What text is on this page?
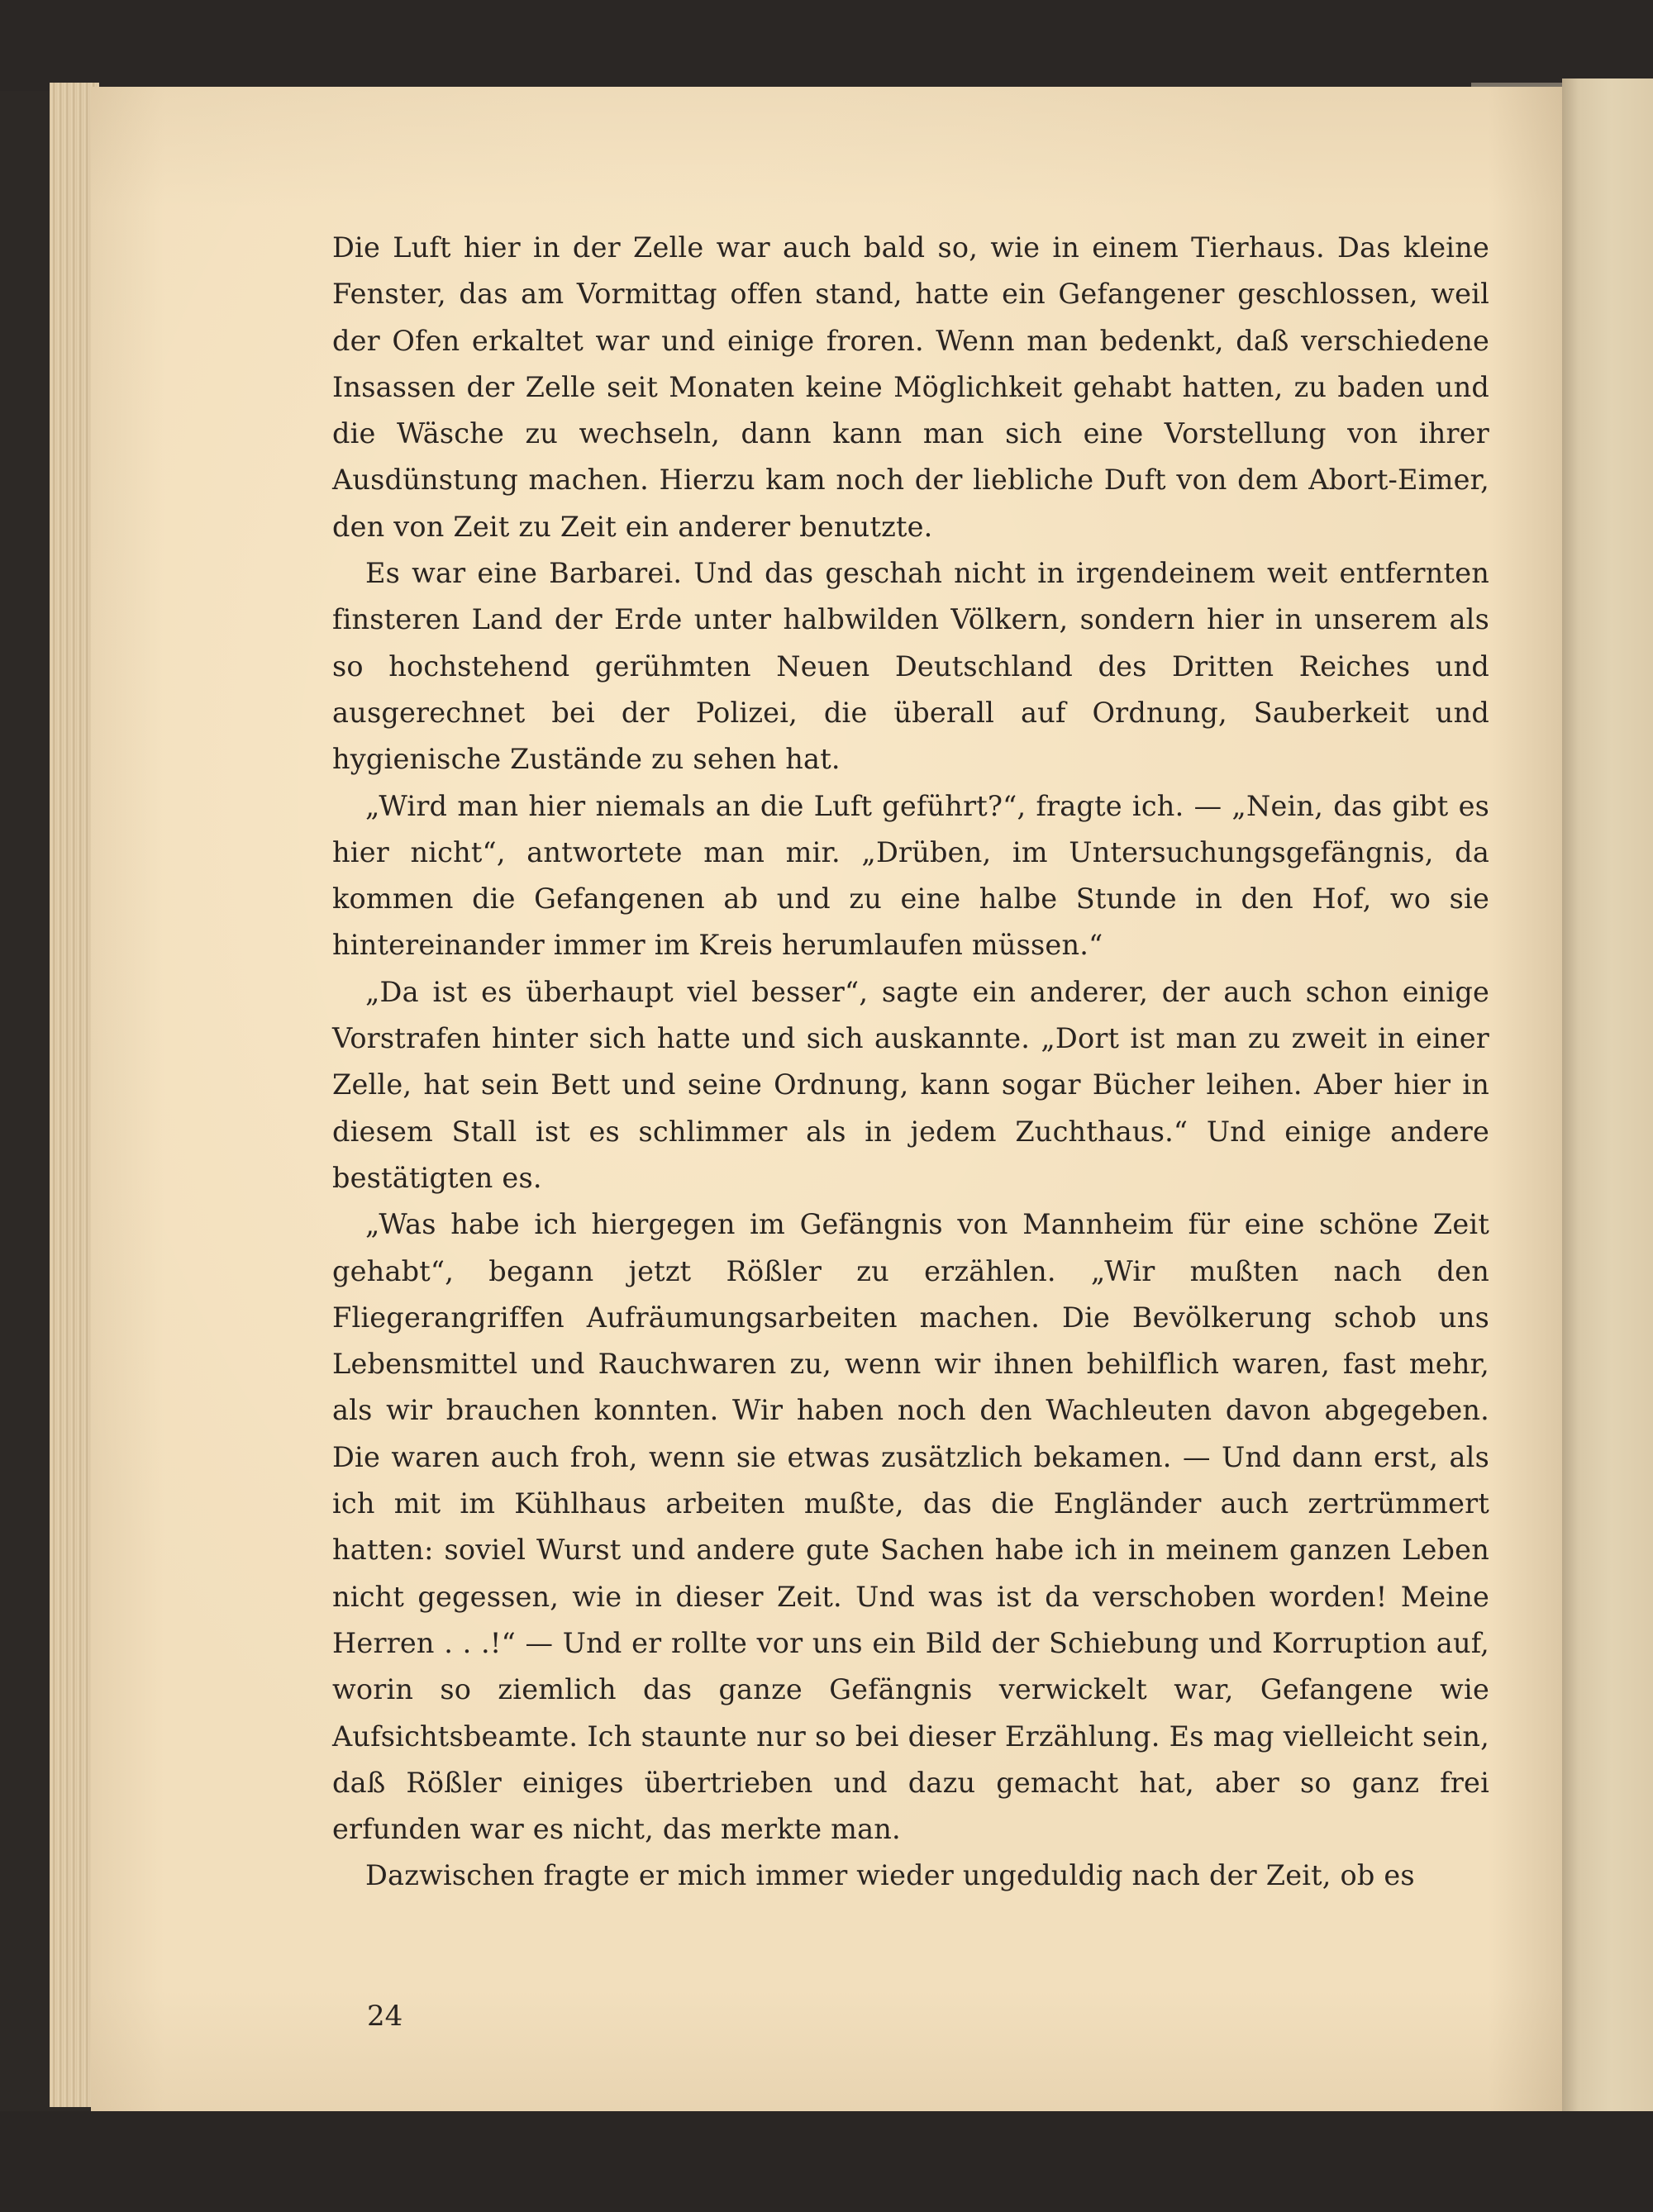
Die Luft hier in der Zelle war auch bald so, wie in einem Tierhaus. Das kleine Fenster, das am Vormittag offen stand, hatte ein Gefangener geschlossen, weil der Ofen erkaltet war und einige froren. Wenn man bedenkt, daß verschiedene Insassen der Zelle seit Monaten keine Möglichkeit gehabt hatten, zu baden und die Wäsche zu wechseln, dann kann man sich eine Vorstellung von ihrer Ausdünstung machen. Hierzu kam noch der liebliche Duft von dem Abort-Eimer, den von Zeit zu Zeit ein anderer benutzte.

Es war eine Barbarei. Und das geschah nicht in irgendeinem weit entfernten finsteren Land der Erde unter halbwilden Völkern, sondern hier in unserem als so hochstehend gerühmten Neuen Deutschland des Dritten Reiches und ausgerechnet bei der Polizei, die überall auf Ordnung, Sauberkeit und hygienische Zustände zu sehen hat.

„Wird man hier niemals an die Luft geführt?“, fragte ich. — „Nein, das gibt es hier nicht“, antwortete man mir. „Drüben, im Untersuchungsgefängnis, da kommen die Gefangenen ab und zu eine halbe Stunde in den Hof, wo sie hintereinander immer im Kreis herumlaufen müssen.“

„Da ist es überhaupt viel besser“, sagte ein anderer, der auch schon einige Vorstrafen hinter sich hatte und sich auskannte. „Dort ist man zu zweit in einer Zelle, hat sein Bett und seine Ordnung, kann sogar Bücher leihen. Aber hier in diesem Stall ist es schlimmer als in jedem Zuchthaus.“ Und einige andere bestätigten es.

„Was habe ich hiergegen im Gefängnis von Mannheim für eine schöne Zeit gehabt“, begann jetzt Rößler zu erzählen. „Wir mußten nach den Fliegerangriffen Aufräumungsarbeiten machen. Die Bevölkerung schob uns Lebensmittel und Rauchwaren zu, wenn wir ihnen behilflich waren, fast mehr, als wir brauchen konnten. Wir haben noch den Wachleuten davon abgegeben. Die waren auch froh, wenn sie etwas zusätzlich bekamen. — Und dann erst, als ich mit im Kühlhaus arbeiten mußte, das die Engländer auch zertrümmert hatten: soviel Wurst und andere gute Sachen habe ich in meinem ganzen Leben nicht gegessen, wie in dieser Zeit. Und was ist da verschoben worden! Meine Herren . . .!“ — Und er rollte vor uns ein Bild der Schiebung und Korruption auf, worin so ziemlich das ganze Gefängnis verwickelt war, Gefangene wie Aufsichtsbeamte. Ich staunte nur so bei dieser Erzählung. Es mag vielleicht sein, daß Rößler einiges übertrieben und dazu gemacht hat, aber so ganz frei erfunden war es nicht, das merkte man.

Dazwischen fragte er mich immer wieder ungeduldig nach der Zeit, ob es

24
